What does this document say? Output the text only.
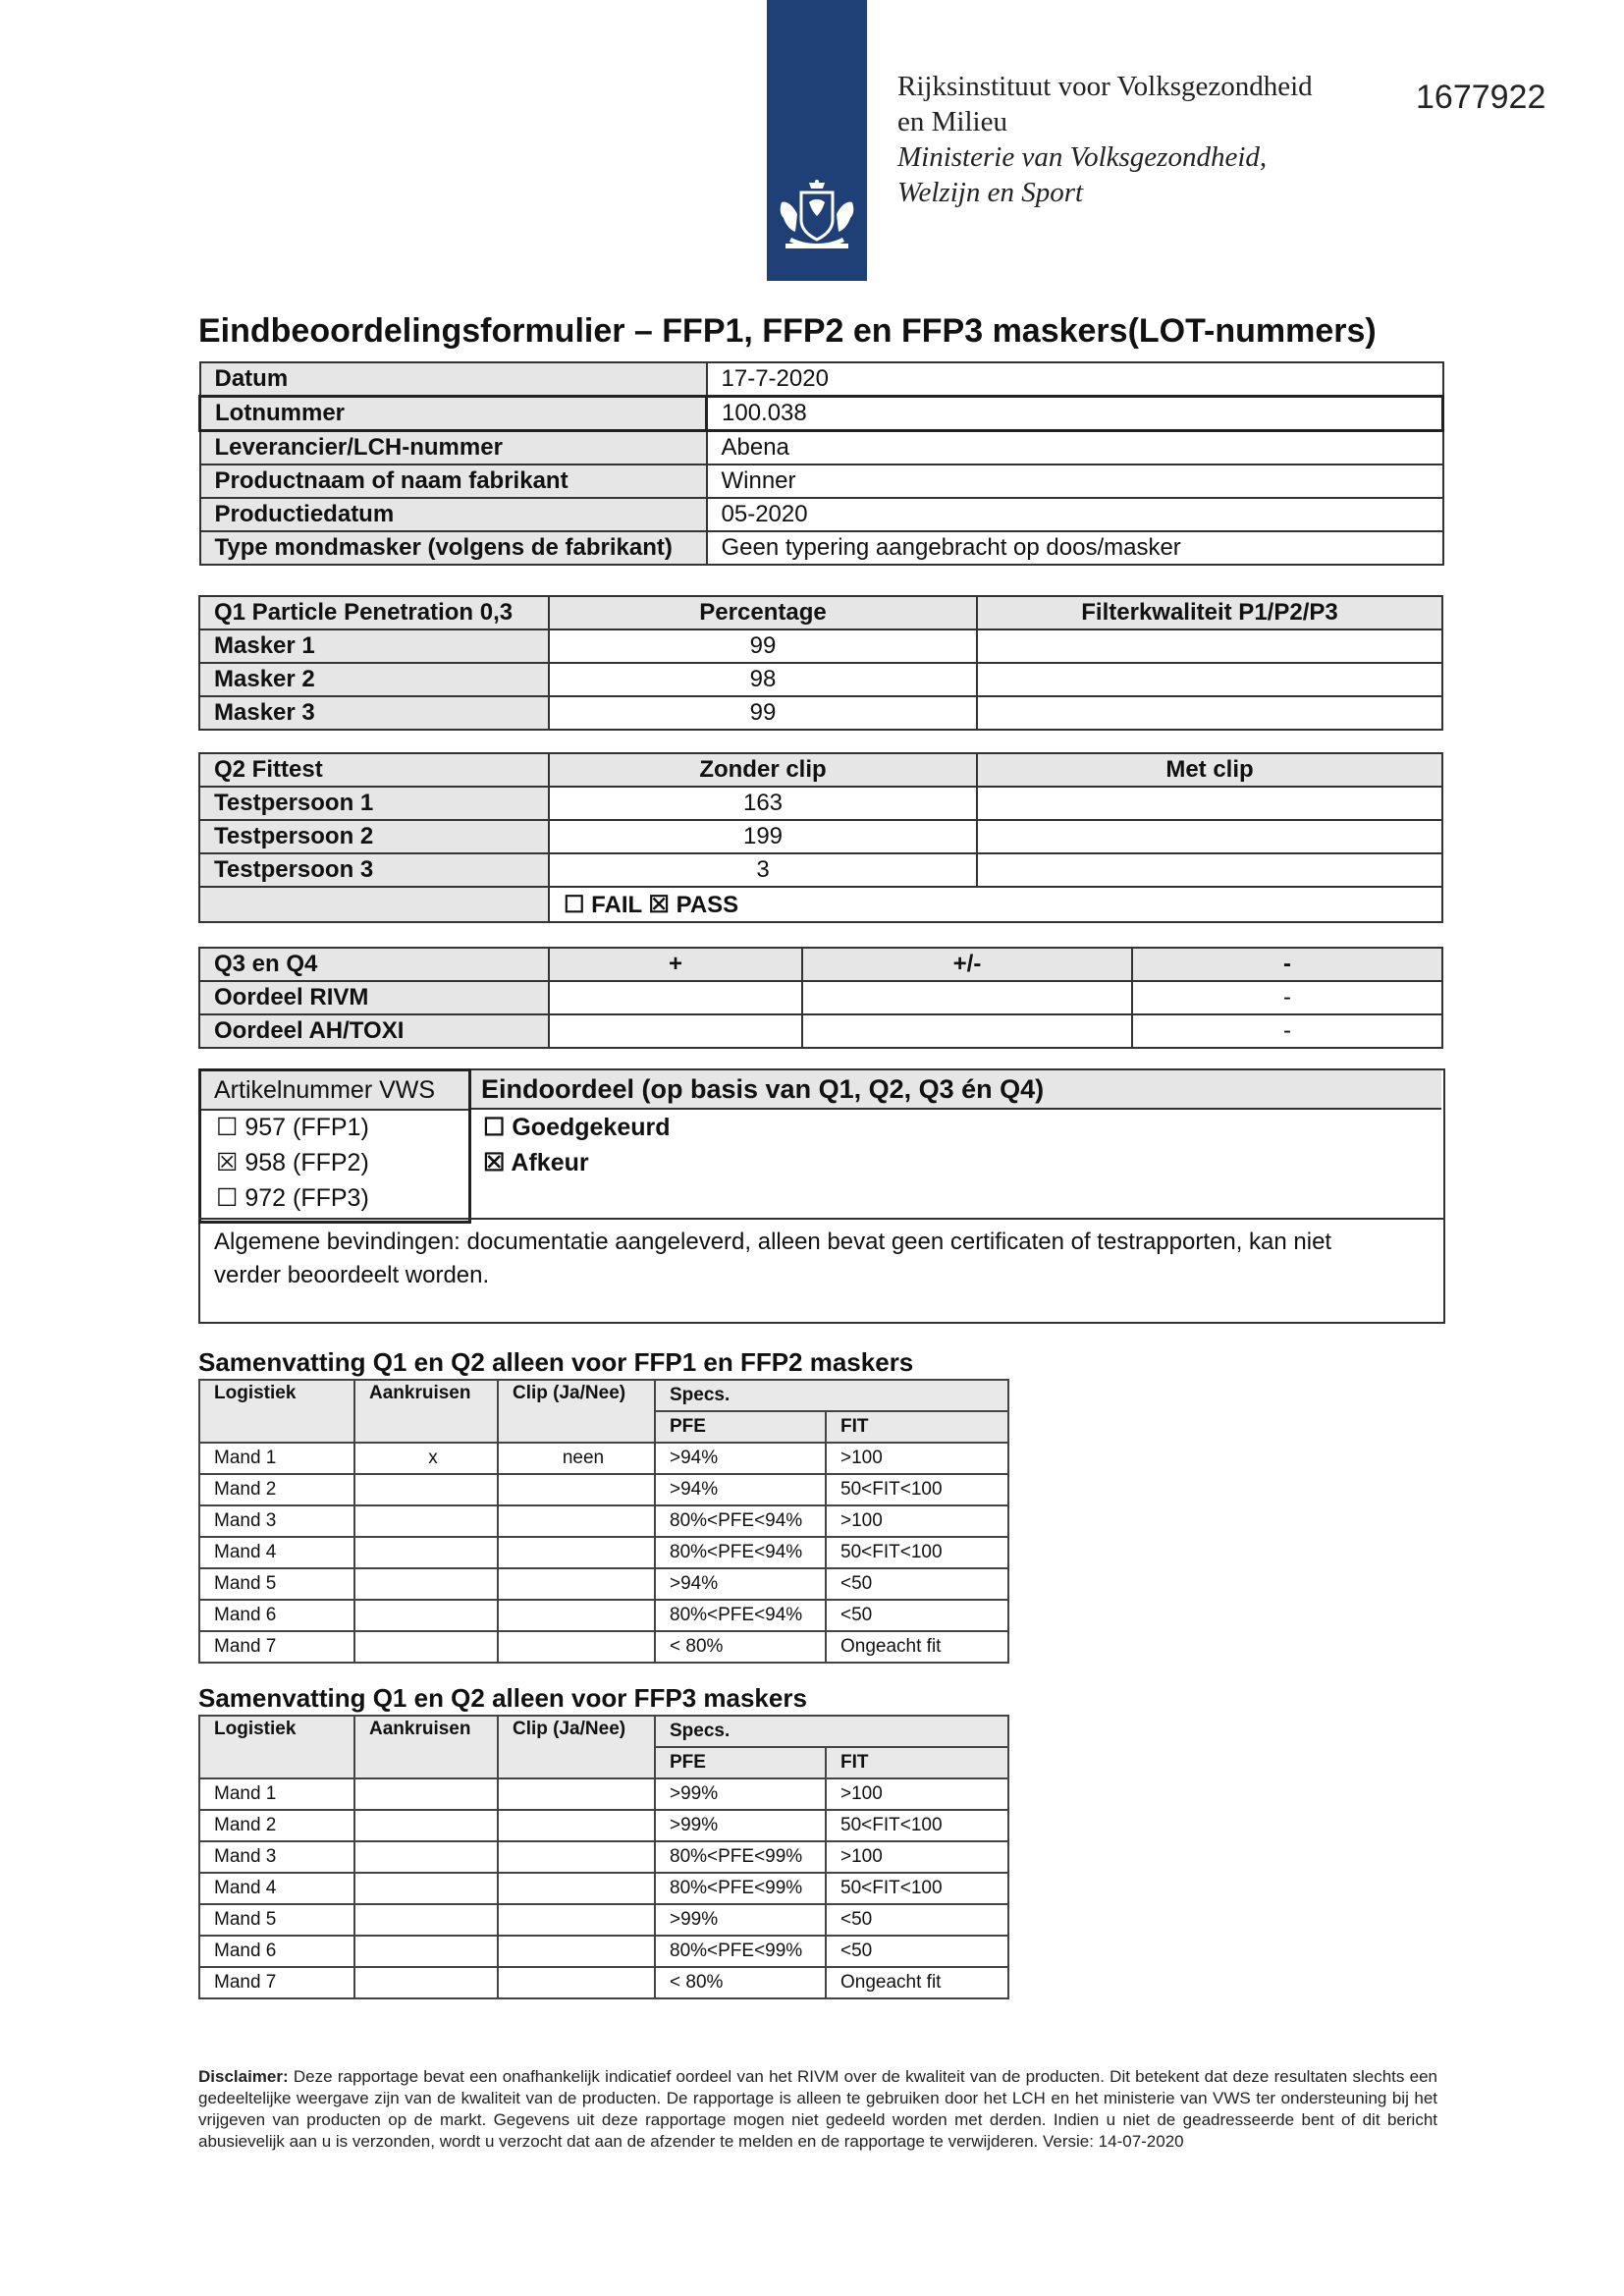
Rijksinstituut voor Volksgezondheid
en Milieu
Ministerie van Volksgezondheid,
Welzijn en Sport
1677922
Eindbeoordelingsformulier – FFP1, FFP2 en FFP3 maskers(LOT-nummers)
Datum	17-7-2020
Lotnummer	100.038
Leverancier/LCH-nummer	Abena
Productnaam of naam fabrikant	Winner
Productiedatum	05-2020
Type mondmasker (volgens de fabrikant)	Geen typering aangebracht op doos/masker
Q1 Particle Penetration 0,3	Percentage	Filterkwaliteit P1/P2/P3
Masker 1	99	
Masker 2	98	
Masker 3	99	
Q2 Fittest	Zonder clip	Met clip
Testpersoon 1	163	
Testpersoon 2	199	
Testpersoon 3	3	
	☐ FAIL ☒ PASS	
Q3 en Q4	+	+/-	-
Oordeel RIVM			-
Oordeel AH/TOXI			-
Artikelnummer VWS
☐ 957 (FFP1)
☒ 958 (FFP2)
☐ 972 (FFP3)
Eindoordeel (op basis van Q1, Q2, Q3 én Q4)
☐ Goedgekeurd
☒ Afkeur
Algemene bevindingen: documentatie aangeleverd, alleen bevat geen certificaten of testrapporten, kan niet
verder beoordeelt worden.
Samenvatting Q1 en Q2 alleen voor FFP1 en FFP2 maskers
Logistiek	Aankruisen	Clip (Ja/Nee)	Specs.	
			PFE	FIT
Mand 1	x	neen	>94%	>100
Mand 2			>94%	50<FIT<100
Mand 3			80%<PFE<94%	>100
Mand 4			80%<PFE<94%	50<FIT<100
Mand 5			>94%	<50
Mand 6			80%<PFE<94%	<50
Mand 7			< 80%	Ongeacht fit
Samenvatting Q1 en Q2 alleen voor FFP3 maskers
Logistiek	Aankruisen	Clip (Ja/Nee)	Specs.	
			PFE	FIT
Mand 1			>99%	>100
Mand 2			>99%	50<FIT<100
Mand 3			80%<PFE<99%	>100
Mand 4			80%<PFE<99%	50<FIT<100
Mand 5			>99%	<50
Mand 6			80%<PFE<99%	<50
Mand 7			< 80%	Ongeacht fit
Disclaimer: Deze rapportage bevat een onafhankelijk indicatief oordeel van het RIVM over de kwaliteit van de producten. Dit betekent dat deze resultaten slechts een gedeeltelijke weergave zijn van de kwaliteit van de producten. De rapportage is alleen te gebruiken door het LCH en het ministerie van VWS ter ondersteuning bij het vrijgeven van producten op de markt. Gegevens uit deze rapportage mogen niet gedeeld worden met derden. Indien u niet de geadresseerde bent of dit bericht abusievelijk aan u is verzonden, wordt u verzocht dat aan de afzender te melden en de rapportage te verwijderen. Versie: 14-07-2020
